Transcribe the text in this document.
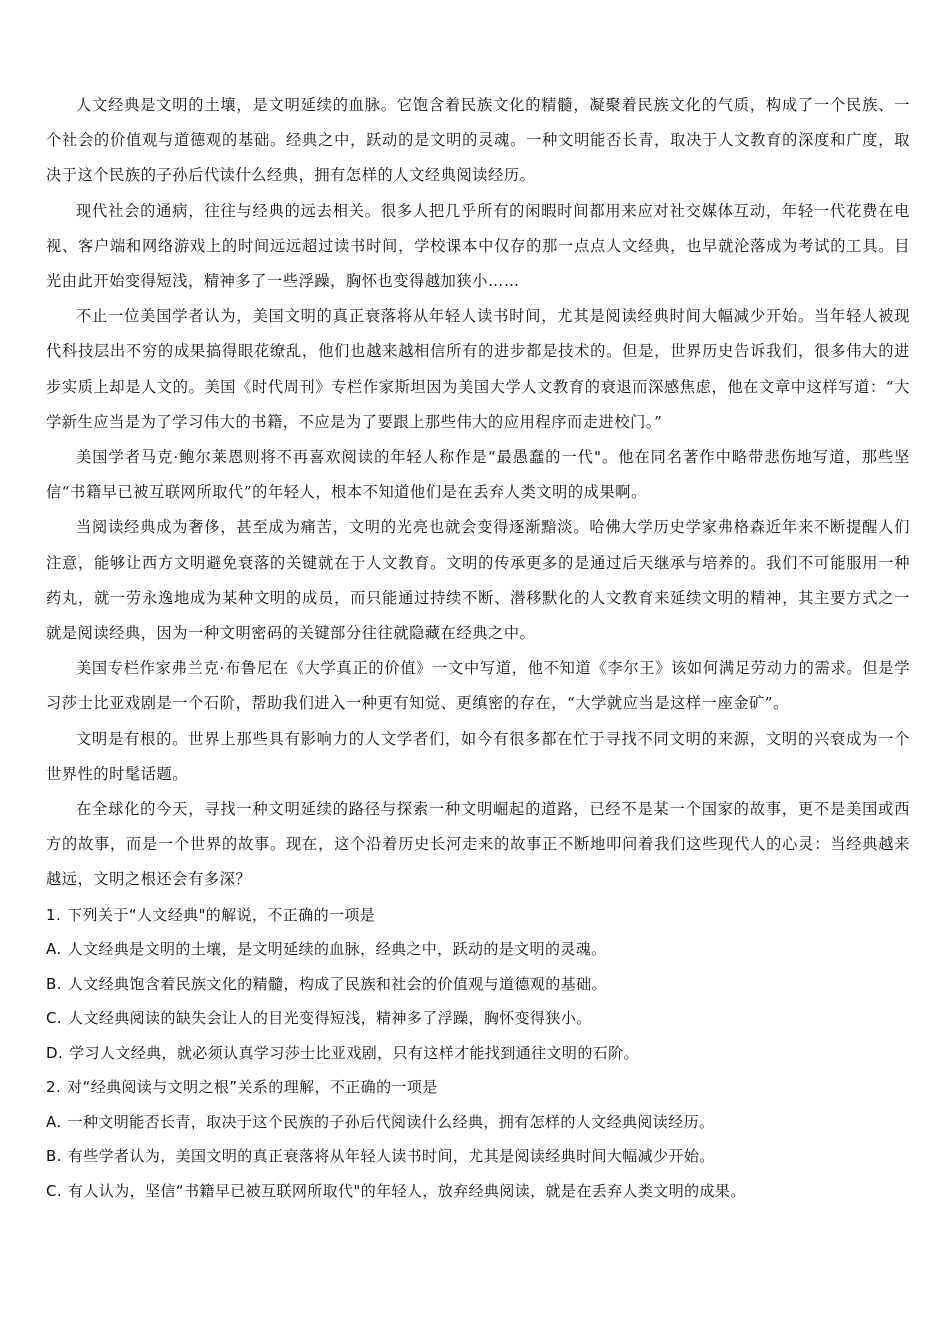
人文经典是文明的土壤，是文明延续的血脉。它饱含着民族文化的精髓，凝聚着民族文化的气质，构成了一个民族、一个社会的价值观与道德观的基础。经典之中，跃动的是文明的灵魂。一种文明能否长青，取决于人文教育的深度和广度，取决于这个民族的子孙后代读什么经典，拥有怎样的人文经典阅读经历。

现代社会的通病，往往与经典的远去相关。很多人把几乎所有的闲暇时间都用来应对社交媒体互动，年轻一代花费在电视、客户端和网络游戏上的时间远远超过读书时间，学校课本中仅存的那一点点人文经典，也早就沦落成为考试的工具。目光由此开始变得短浅，精神多了一些浮躁，胸怀也变得越加狭小……

不止一位美国学者认为，美国文明的真正衰落将从年轻人读书时间，尤其是阅读经典时间大幅减少开始。当年轻人被现代科技层出不穷的成果搞得眼花缭乱，他们也越来越相信所有的进步都是技术的。但是，世界历史告诉我们，很多伟大的进步实质上却是人文的。美国《时代周刊》专栏作家斯坦因为美国大学人文教育的衰退而深感焦虑，他在文章中这样写道：“大学新生应当是为了学习伟大的书籍，不应是为了要跟上那些伟大的应用程序而走进校门。”

美国学者马克·鲍尔莱恩则将不再喜欢阅读的年轻人称作是“最愚蠢的一代"。他在同名著作中略带悲伤地写道，那些坚信“书籍早已被互联网所取代”的年轻人，根本不知道他们是在丢弃人类文明的成果啊。

当阅读经典成为奢侈，甚至成为痛苦，文明的光亮也就会变得逐渐黯淡。哈佛大学历史学家弗格森近年来不断提醒人们注意，能够让西方文明避免衰落的关键就在于人文教育。文明的传承更多的是通过后天继承与培养的。我们不可能服用一种药丸，就一劳永逸地成为某种文明的成员，而只能通过持续不断、潜移默化的人文教育来延续文明的精神，其主要方式之一就是阅读经典，因为一种文明密码的关键部分往往就隐藏在经典之中。

美国专栏作家弗兰克·布鲁尼在《大学真正的价值》一文中写道，他不知道《李尔王》该如何满足劳动力的需求。但是学习莎士比亚戏剧是一个石阶，帮助我们进入一种更有知觉、更缜密的存在，“大学就应当是这样一座金矿”。

文明是有根的。世界上那些具有影响力的人文学者们，如今有很多都在忙于寻找不同文明的来源，文明的兴衰成为一个世界性的时髦话题。

在全球化的今天，寻找一种文明延续的路径与探索一种文明崛起的道路，已经不是某一个国家的故事，更不是美国或西方的故事，而是一个世界的故事。现在，这个沿着历史长河走来的故事正不断地叩问着我们这些现代人的心灵：当经典越来越远，文明之根还会有多深？

1. 下列关于“人文经典"的解说，不正确的一项是

A. 人文经典是文明的土壤，是文明延续的血脉，经典之中，跃动的是文明的灵魂。

B. 人文经典饱含着民族文化的精髓，构成了民族和社会的价值观与道德观的基础。

C. 人文经典阅读的缺失会让人的目光变得短浅，精神多了浮躁，胸怀变得狭小。

D. 学习人文经典，就必须认真学习莎士比亚戏剧，只有这样才能找到通往文明的石阶。

2. 对“经典阅读与文明之根”关系的理解，不正确的一项是

A. 一种文明能否长青，取决于这个民族的子孙后代阅读什么经典，拥有怎样的人文经典阅读经历。

B. 有些学者认为，美国文明的真正衰落将从年轻人读书时间，尤其是阅读经典时间大幅减少开始。

C. 有人认为，坚信“书籍早已被互联网所取代"的年轻人，放弃经典阅读，就是在丢弃人类文明的成果。
